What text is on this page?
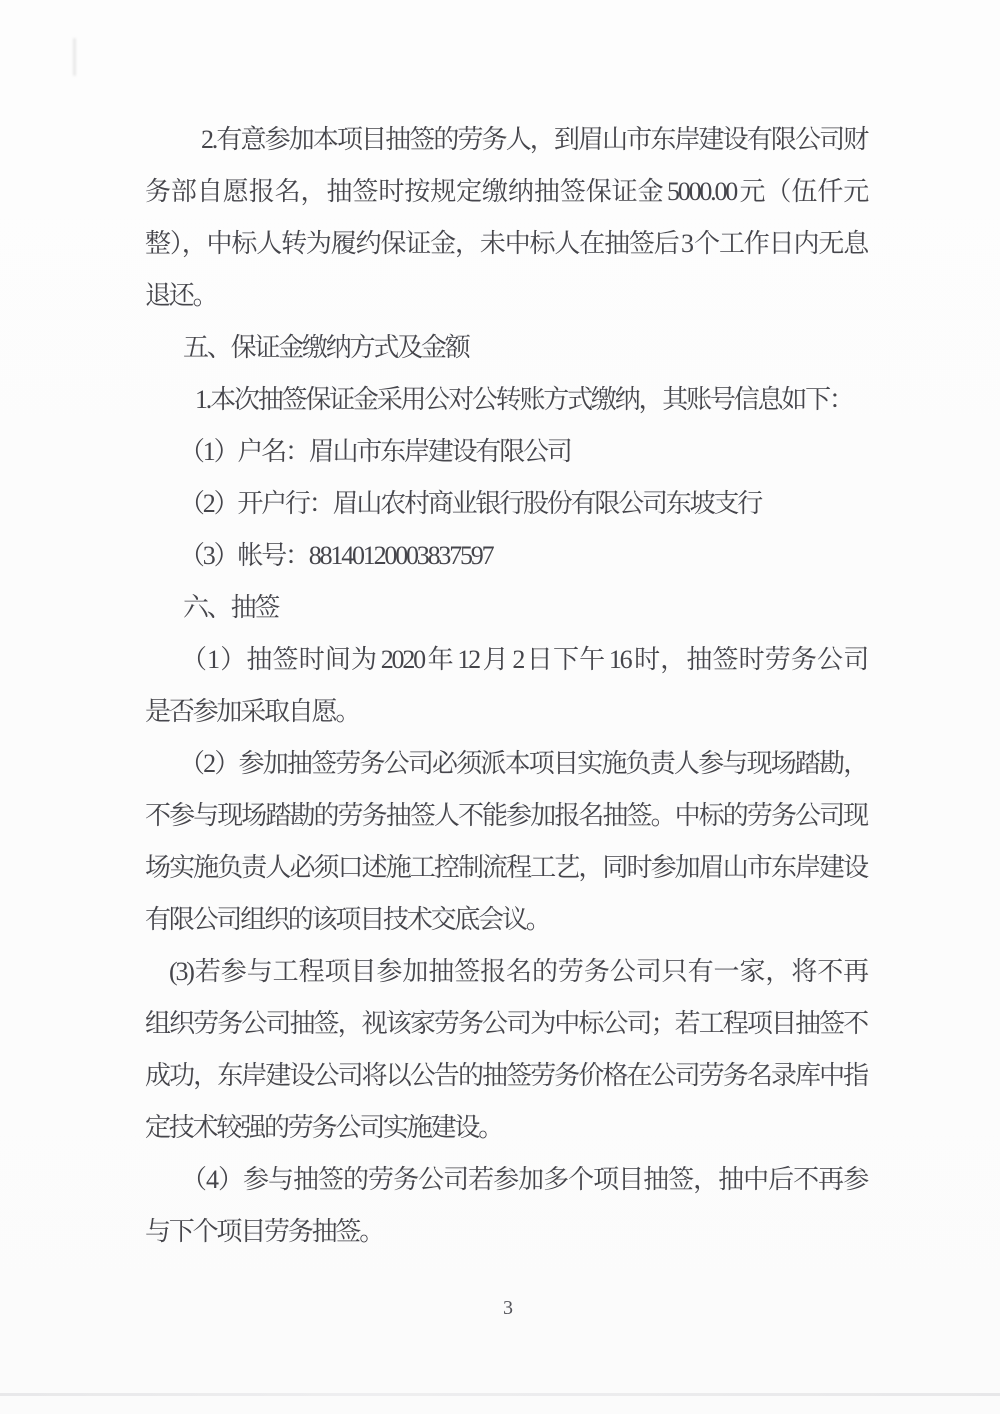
2.有意参加本项目抽签的劳务人，到眉山市东岸建设有限公司财
务部自愿报名，抽签时按规定缴纳抽签保证金 5000.00 元（伍仟元
整），中标人转为履约保证金，未中标人在抽签后 3 个工作日内无息
退还。
五、保证金缴纳方式及金额
1.本次抽签保证金采用公对公转账方式缴纳，其账号信息如下：
（1）户名：眉山市东岸建设有限公司
（2）开户行：眉山农村商业银行股份有限公司东坡支行
（3）帐号：88140120003837597
六、抽签
（1）抽签时间为 2020 年 12 月 2 日下午 16 时，抽签时劳务公司
是否参加采取自愿。
（2）参加抽签劳务公司必须派本项目实施负责人参与现场踏勘，
不参与现场踏勘的劳务抽签人不能参加报名抽签。中标的劳务公司现
场实施负责人必须口述施工控制流程工艺，同时参加眉山市东岸建设
有限公司组织的该项目技术交底会议。
(3)若参与工程项目参加抽签报名的劳务公司只有一家，将不再
组织劳务公司抽签，视该家劳务公司为中标公司；若工程项目抽签不
成功，东岸建设公司将以公告的抽签劳务价格在公司劳务名录库中指
定技术较强的劳务公司实施建设。
（4）参与抽签的劳务公司若参加多个项目抽签，抽中后不再参
与下个项目劳务抽签。
3
